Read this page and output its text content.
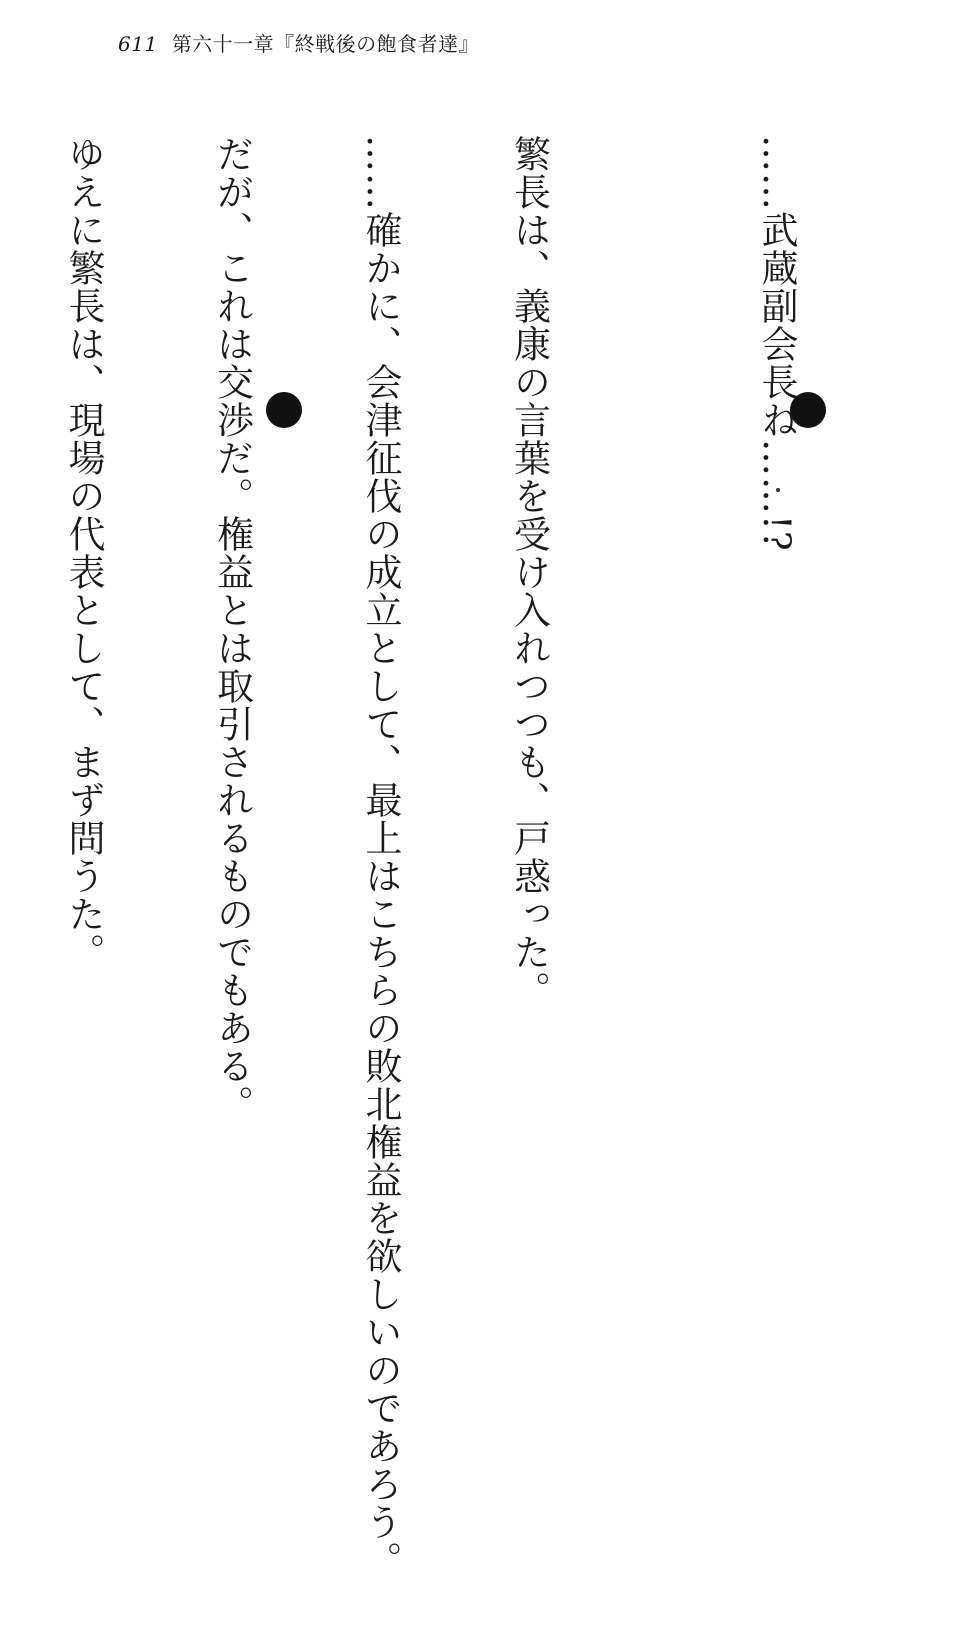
611 第六十一章『終戦後の飽食者達』

……武蔵副会長ね……!?

繁長は、義康の言葉を受け入れつつも、戸惑った。

……確かに、会津征伐の成立として、最上はこちらの敗北権益を欲しいのであろう。

だが、これは交渉だ。権益とは取引されるものでもある。

ゆえに繁長は、現場の代表として、まず問うた。
